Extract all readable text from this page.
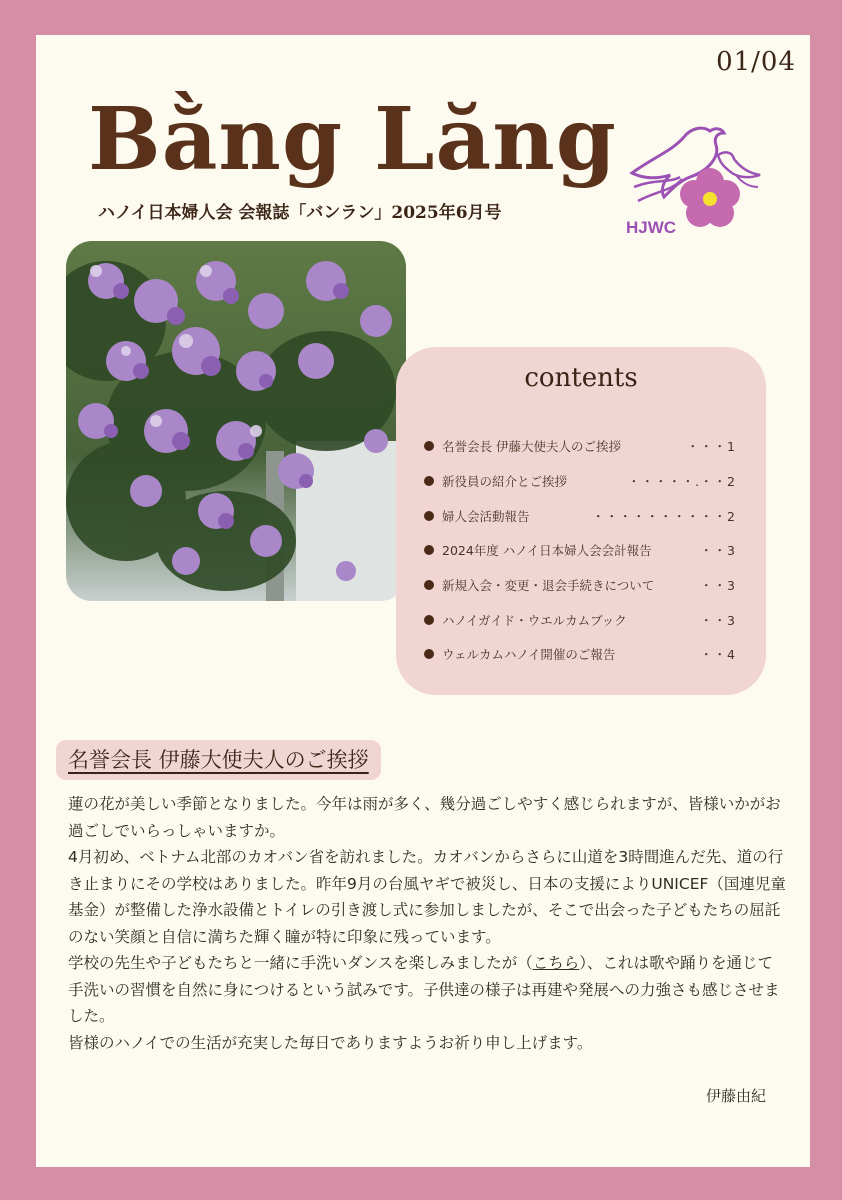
01/04
Bằng Lăng
ハノイ日本婦人会 会報誌「バンラン」2025年6月号
HJWC
contents
名誉会長 伊藤大使夫人のご挨拶	・・・1
新役員の紹介とご挨拶	・・・・・.・・2
婦人会活動報告	・・・・・・・・・・2
2024年度 ハノイ日本婦人会会計報告	・・3
新規入会・変更・退会手続きについて	・・3
ハノイガイド・ウエルカムブック	・・3
ウェルカムハノイ開催のご報告	・・4
名誉会長 伊藤大使夫人のご挨拶

蓮の花が美しい季節となりました。今年は雨が多く、幾分過ごしやすく感じられますが、皆様いかがお過ごしでいらっしゃいますか。

4月初め、ベトナム北部のカオバン省を訪れました。カオバンからさらに山道を3時間進んだ先、道の行き止まりにその学校はありました。昨年9月の台風ヤギで被災し、日本の支援によりUNICEF（国連児童基金）が整備した浄水設備とトイレの引き渡し式に参加しましたが、そこで出会った子どもたちの屈託のない笑顔と自信に満ちた輝く瞳が特に印象に残っています。

学校の先生や子どもたちと一緒に手洗いダンスを楽しみましたが（こちら）、これは歌や踊りを通じて手洗いの習慣を自然に身につけるという試みです。子供達の様子は再建や発展への力強さも感じさせました。

皆様のハノイでの生活が充実した毎日でありますようお祈り申し上げます。

伊藤由紀
